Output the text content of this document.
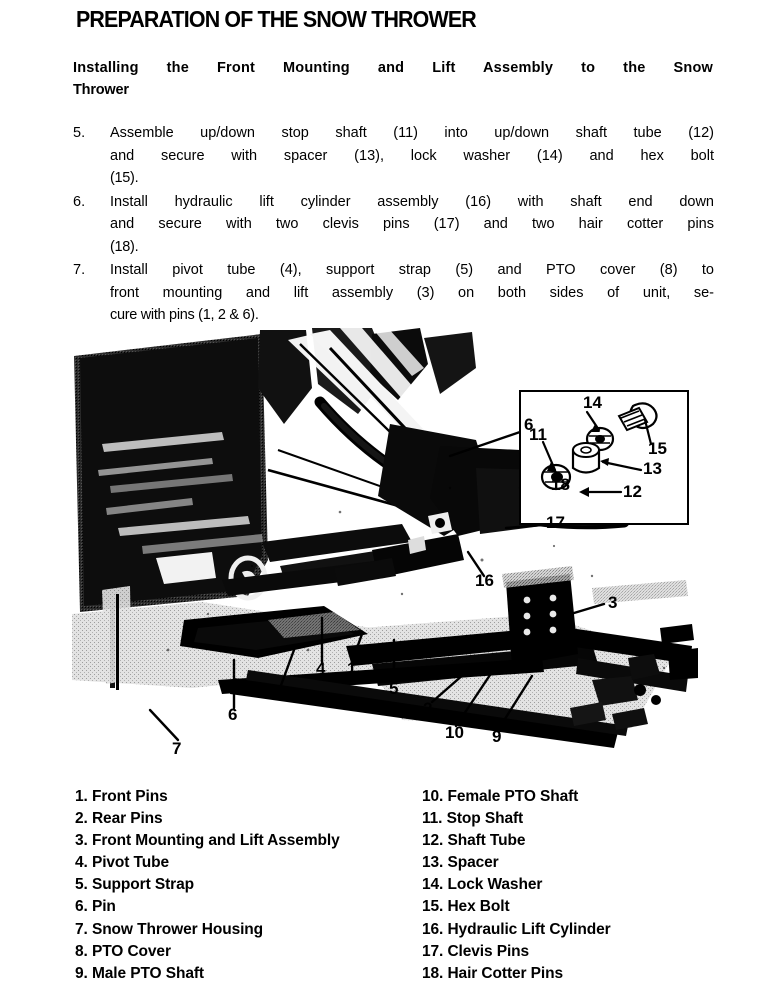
PREPARATION OF THE SNOW THROWER
Installing the Front Mounting and Lift Assembly to the Snow
Thrower
5.	Assemble up/down stop shaft (11) into up/down shaft tube (12)
and secure with spacer (13), lock washer (14) and hex bolt
(15).
6.	Install hydraulic lift cylinder assembly (16) with shaft end down
and secure with two clevis pins (17) and two hair cotter pins
(18).
7.	Install pivot tube (4), support strap (5) and PTO cover (8) to
front mounting and lift assembly (3) on both sides of unit, se-
cure with pins (1, 2 & 6).
14
15
11
13
12
6
18
17
16
3
1
4
5
8
6
7
2
10 9
1. Front Pins
2. Rear Pins
3. Front Mounting and Lift Assembly
4. Pivot Tube
5. Support Strap
6. Pin
7. Snow Thrower Housing
8. PTO Cover
9. Male PTO Shaft
10. Female PTO Shaft
11. Stop Shaft
12. Shaft Tube
13. Spacer
14. Lock Washer
15. Hex Bolt
16. Hydraulic Lift Cylinder
17. Clevis Pins
18. Hair Cotter Pins
